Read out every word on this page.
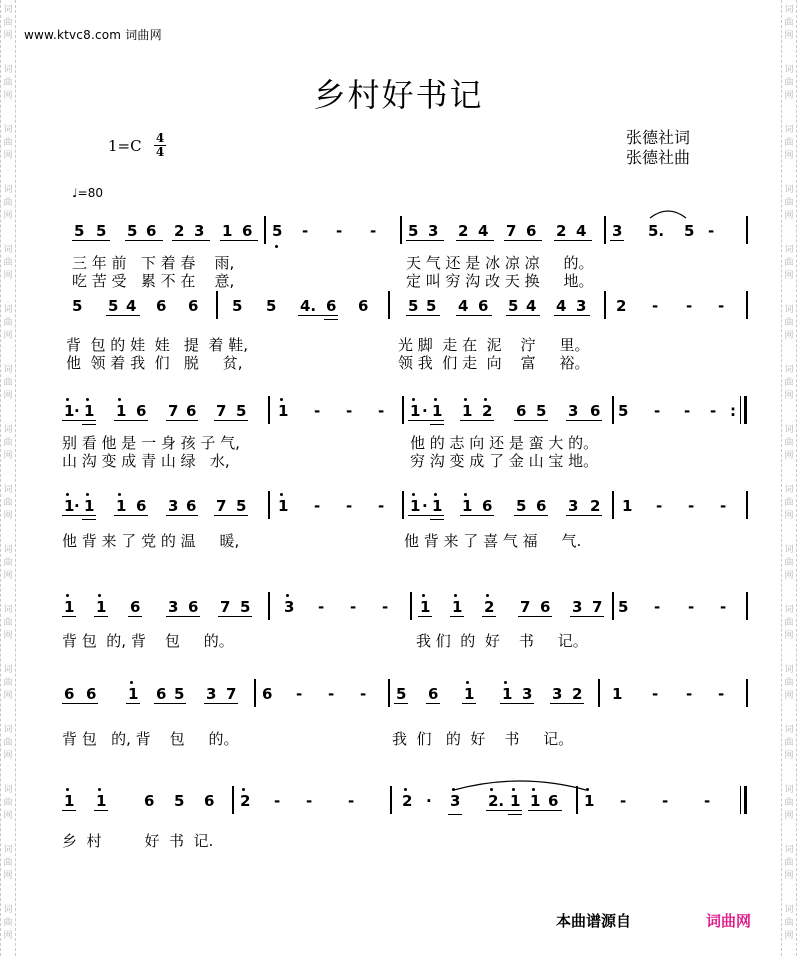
词
曲
网
词
曲
网
词
曲
网
词
曲
网
词
曲
网
词
曲
网
词
曲
网
词
曲
网
词
曲
网
词
曲
网
词
曲
网
词
曲
网
词
曲
网
词
曲
网
词
曲
网
词
曲
网
词
曲
网
词
曲
网
词
曲
网
词
曲
网
词
曲
网
词
曲
网
词
曲
网
词
曲
网
词
曲
网
词
曲
网
词
曲
网
词
曲
网
词
曲
网
词
曲
网
词
曲
网
词
曲
网
www.ktvc8.com 词曲网
乡村好书记
1=C 4
4
张德社词
张德社曲
♩=80

5 5

5 6

2 3

1 6

5 - - -

5 3

2 4

7 6

2 4

3 5. 5 -

三 年 前   下 着 春    雨,	天 气 还 是 冰 凉 凉     的。
吃 苦 受   累 不 在    意,	定 叫 穷 沟 改 天 换     地。

5

5 4

6 6

5 5

4. 6 6

	5 5

4 6

5 4

4 3

2 - - -

背  包 的 娃  娃   提  着 鞋,	光 脚  走 在  泥    泞     里。
他  领 着 我  们   脱     贫,	领 我  们 走  向    富     裕。

1 · 1

1 6

7 6

7 5

1 - - -

1 · 1

1 2

6 5

3 6

5 - - - :

别 看 他 是 一 身 孩 子 气,	他 的 志 向 还 是 蛮 大 的。
山 沟 变 成 青 山 绿   水,	穷 沟 变 成 了 金 山 宝 地。

1 · 1

1 6

3 6

7 5

1 - - -

1 · 1

1 6

5 6

3 2

1 - - -

他 背 来 了 党 的 温     暖,	他 背 来 了 喜 气 福     气.

1 1

6

3 6

7 5

3 - - -

1 1

2

7 6

3 7

5 - - -

背 包  的, 背    包     的。	我 们  的  好    书     记。

6 6

1

6 5

3 7

6 - - -

5 6

1

1 3

3 2

1 - - -

背 包   的, 背    包     的。	我  们   的  好    书     记。

1 1

	6 5 6

2 - - -

	2 · 3

2. 1

1 6

1 - - -

乡  村         好  书  记.
本曲谱源自	词曲网
